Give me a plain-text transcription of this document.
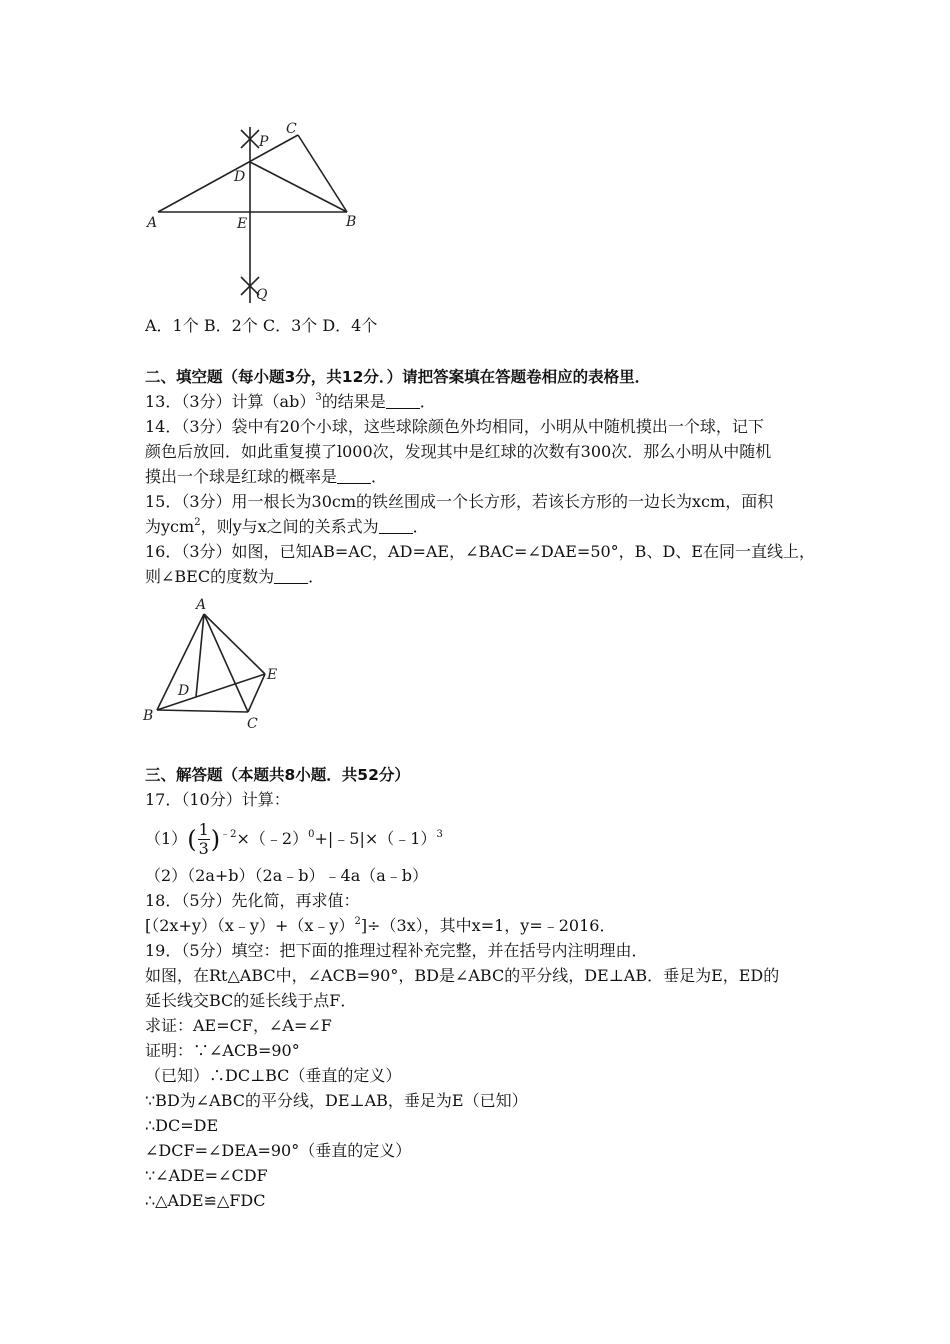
P
C
D
A	E	B
Q
A．1个 B．2个 C．3个 D．4个
二、填空题（每小题3分，共12分．）请把答案填在答题卷相应的表格里．
13．（3分）计算（ab）$^3$的结果是 ．
14．（3分）袋中有20个小球，这些球除颜色外均相同，小明从中随机摸出一个球，记下
颜色后放回．如此重复摸了l000次，发现其中是红球的次数有300次．那么小明从中随机
摸出一个球是红球的概率是 ．
15．（3分）用一根长为30cm的铁丝围成一个长方形，若该长方形的一边长为xcm，面积
为ycm$^2$，则y与x之间的关系式为 ．
16．（3分）如图，已知AB=AC，AD=AE，∠BAC=∠DAE=50°，B、D、E在同一直线上，
则∠BEC的度数为 ．
A
D
E
B	C
三、解答题（本题共8小题．共52分）
17．（10分）计算：
$(1)( \frac{1}{3}$ )$^{﹣2}\times(﹣2)^0+|﹣5|\times(﹣1)^3$
（2）（2a+b）（2a﹣b）﹣4a（a﹣b）
18．（5分）先化简，再求值：
[（2x+y）（x﹣y）+（x﹣y）$^2$]÷（3x），其中x=1，y=﹣2016．
19．（5分）填空：把下面的推理过程补充完整，并在括号内注明理由．
如图，在Rt△ABC中，∠ACB=90°，BD是∠ABC的平分线，DE⊥AB．垂足为E，ED的
延长线交BC的延长线于点F．
求证：AE=CF，∠A=∠F
证明：∵∠ACB=90°
（已知）∴DC⊥BC（垂直的定义）
∵BD为∠ABC的平分线，DE⊥AB，垂足为E（已知）
∴DC=DE
∠DCF=∠DEA=90°（垂直的定义）
∵∠ADE=∠CDF
∴△ADE≌△FDC
